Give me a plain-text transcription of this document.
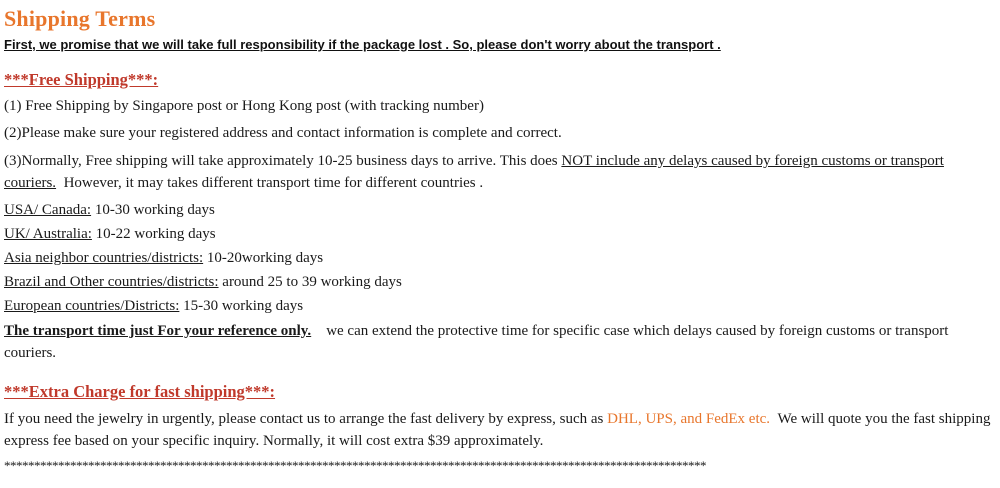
Shipping Terms
First, we promise that we will take full responsibility if the package lost . So, please don't worry about the transport .
***Free Shipping***:
(1) Free Shipping by Singapore post or Hong Kong post (with tracking number)
(2)Please make sure your registered address and contact information is complete and correct.
(3)Normally, Free shipping will take approximately 10-25 business days to arrive. This does NOT include any delays caused by foreign customs or transport couriers. However, it may takes different transport time for different countries .
USA/ Canada: 10-30 working days
UK/ Australia: 10-22 working days
Asia neighbor countries/districts: 10-20working days
Brazil and Other countries/districts: around 25 to 39 working days
European countries/Districts: 15-30 working days
The transport time just For your reference only. we can extend the protective time for specific case which delays caused by foreign customs or transport couriers.
***Extra Charge for fast shipping***:
If you need the jewelry in urgently, please contact us to arrange the fast delivery by express, such as DHL, UPS, and FedEx etc. We will quote you the fast shipping express fee based on your specific inquiry. Normally, it will cost extra $39 approximately.
*********************************************************************************************************************
